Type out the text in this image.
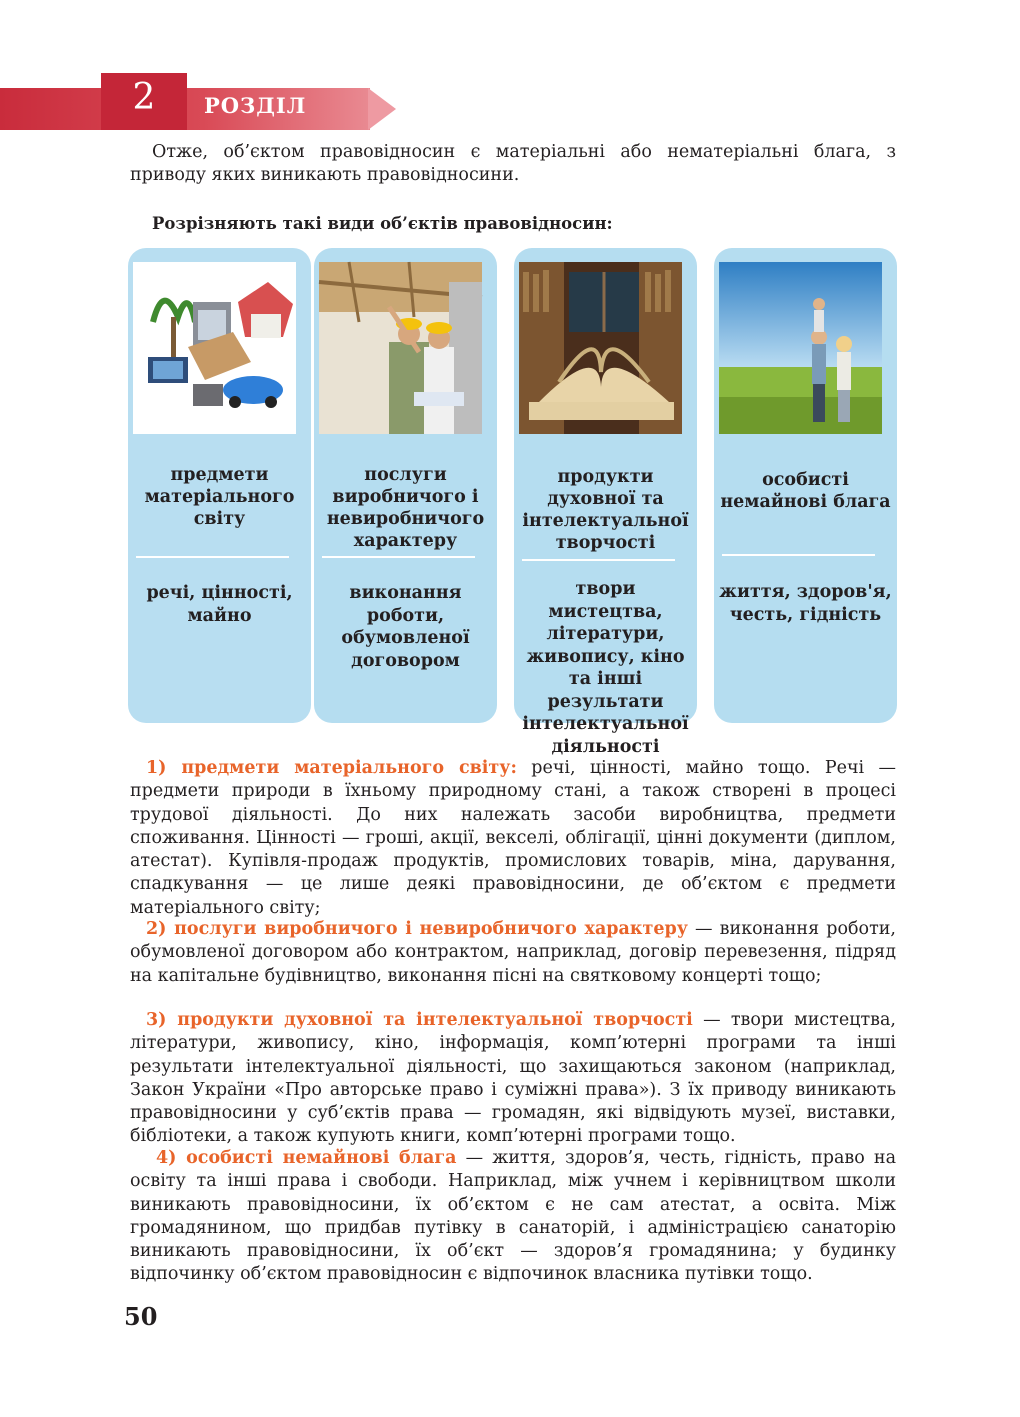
2	РОЗДІЛ

Отже, об’єктом правовідносин є матеріальні або нематеріальні блага, з приводу яких виникають правовідносини.

Розрізняють такі види об’єктів правовідносин:

предмети матеріального світу
речі, цінності, майно
послуги виробничого і невиробничого характеру
виконання роботи, обумовленої договором
продукти духовної та інтелектуальної творчості
твори мистецтва, літератури, живопису, кіно та інші результати інтелектуальної діяльності
особисті немайнові блага
життя, здоров'я, честь, гідність

1) предмети матеріального світу: речі, цінності, майно тощо. Речі — предмети природи в їхньому природному стані, а також створені в процесі трудової діяльності. До них належать засоби виробництва, предмети споживання. Цінності — гроші, акції, векселі, облігації, цінні документи (диплом, атестат). Купівля-продаж продуктів, промислових товарів, міна, дарування, спадкування — це лише деякі правовідносини, де об’єктом є предмети матеріального світу;

2) послуги виробничого і невиробничого характеру — виконання роботи, обумовленої договором або контрактом, наприклад, договір перевезення, підряд на капітальне будівництво, виконання пісні на святковому концерті тощо;

3) продукти духовної та інтелектуальної творчості — твори мистецтва, літератури, живопису, кіно, інформація, комп’ютерні програми та інші результати інтелектуальної діяльності, що захищаються законом (наприклад, Закон України «Про авторське право і суміжні права»). З їх приводу виникають правовідносини у суб’єктів права — громадян, які відвідують музеї, виставки, бібліотеки, а також купують книги, комп’ютерні програми тощо.

4) особисті немайнові блага — життя, здоров’я, честь, гідність, право на освіту та інші права і свободи. Наприклад, між учнем і керівництвом школи виникають правовідносини, їх об’єктом є не сам атестат, а освіта. Між громадянином, що придбав путівку в санаторій, і адміністрацією санаторію виникають правовідносини, їх об’єкт — здоров’я громадянина; у будинку відпочинку об’єктом правовідносин є відпочинок власника путівки тощо.

50
